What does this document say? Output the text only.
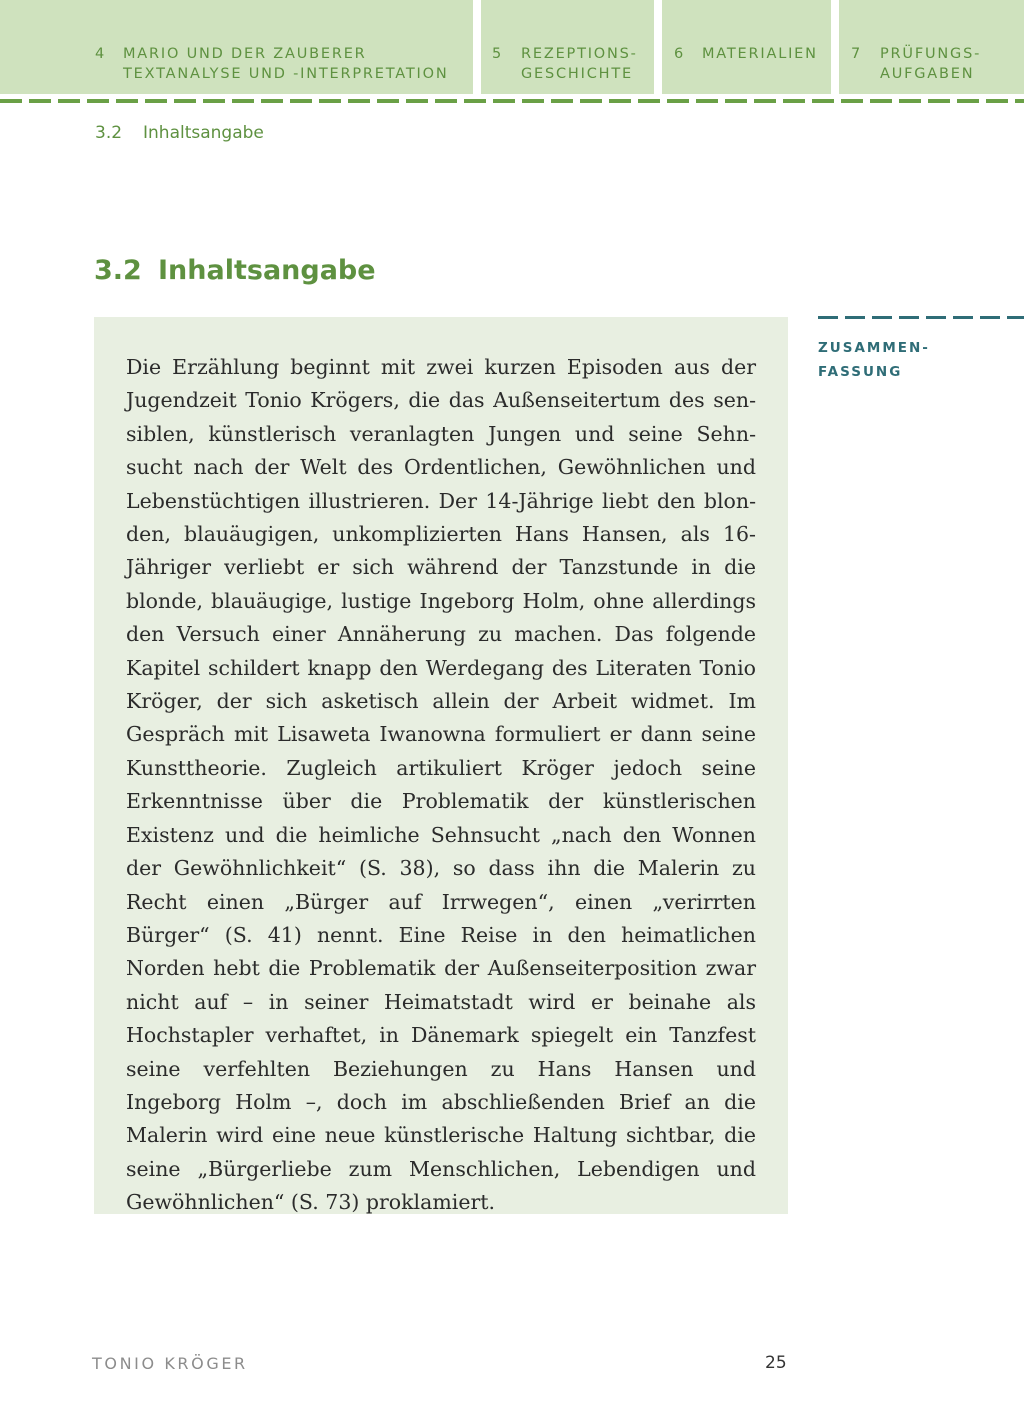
4 MARIO UND DER ZAUBERER
TEXTANALYSE UND -INTERPRETATION
5 REZEPTIONS-
GESCHICHTE
6 MATERIALIEN 7 PRÜFUNGS-
AUFGABEN
3.2 Inhaltsangabe
3.2 Inhaltsangabe
ZUSAMMEN-
FASSUNG

Die Erzählung beginnt mit zwei kurzen Episoden aus der Jugendzeit Tonio Krögers, die das Außenseitertum des sensiblen, künstlerisch veranlagten Jungen und seine Sehnsucht nach der Welt des Ordentlichen, Gewöhnlichen und Lebenstüchtigen illustrieren. Der 14-Jährige liebt den blonden, blauäugigen, unkomplizierten Hans Hansen, als 16-Jähriger verliebt er sich während der Tanzstunde in die blonde, blauäugige, lustige Ingeborg Holm, ohne allerdings den Versuch einer Annäherung zu machen. Das folgende Kapitel schildert knapp den Werdegang des Literaten Tonio Kröger, der sich asketisch allein der Arbeit widmet. Im Gespräch mit Lisaweta Iwanowna formuliert er dann seine Kunsttheorie. Zugleich artikuliert Kröger jedoch seine Erkenntnisse über die Problematik der künstlerischen Existenz und die heimliche Sehnsucht „nach den Wonnen der Gewöhnlichkeit“ (S. 38), so dass ihn die Malerin zu Recht einen „Bürger auf Irrwegen“, einen „verirrten Bürger“ (S. 41) nennt. Eine Reise in den heimatlichen Norden hebt die Problematik der Außenseiterposition zwar nicht auf – in seiner Heimatstadt wird er beinahe als Hochstapler verhaftet, in Dänemark spiegelt ein Tanzfest seine verfehlten Beziehungen zu Hans Hansen und Ingeborg Holm –, doch im abschließenden Brief an die Malerin wird eine neue künstlerische Haltung sichtbar, die seine „Bürgerliebe zum Menschlichen, Lebendigen und Gewöhnlichen“ (S. 73) proklamiert.

TONIO KRÖGER	25
